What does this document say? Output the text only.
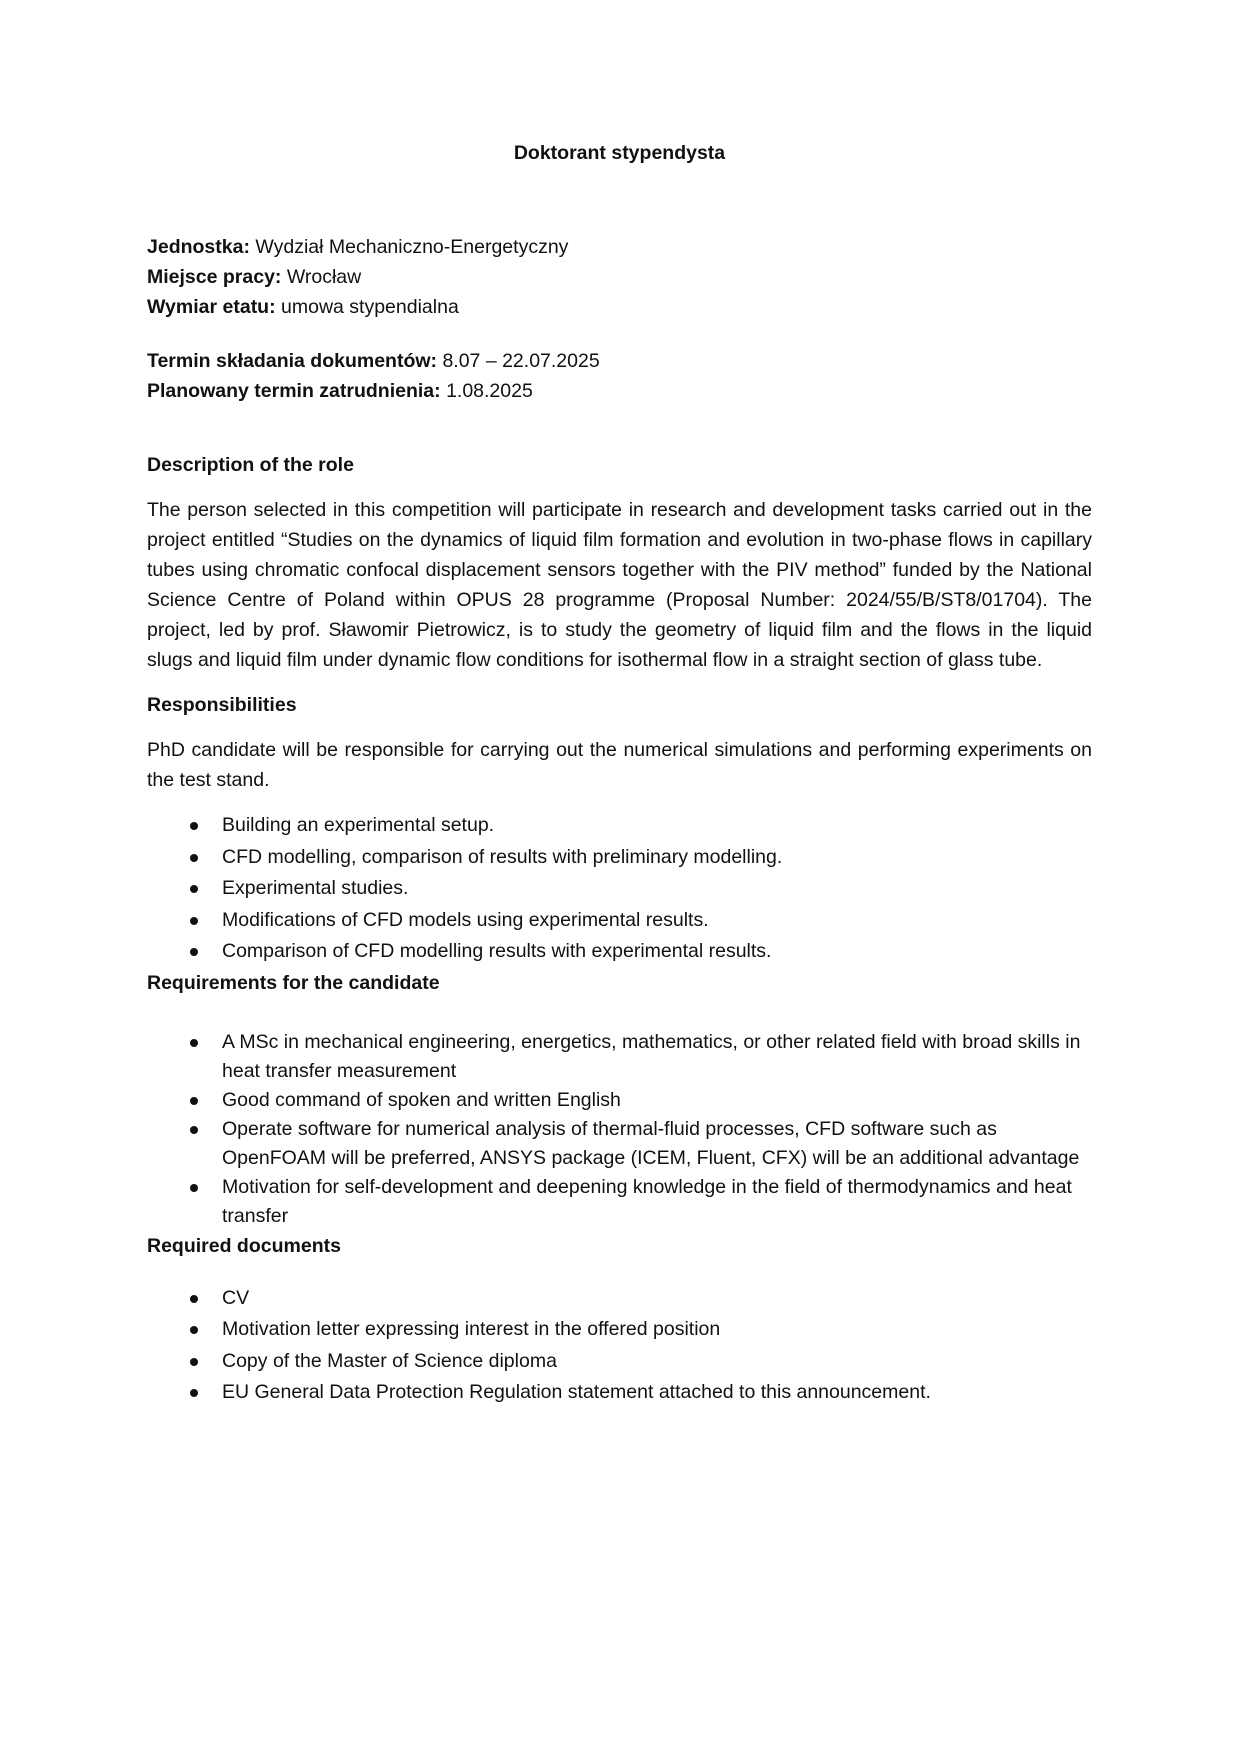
Doktorant stypendysta

Jednostka: Wydział Mechaniczno-Energetyczny

Miejsce pracy: Wrocław

Wymiar etatu: umowa stypendialna

Termin składania dokumentów: 8.07 – 22.07.2025

Planowany termin zatrudnienia: 1.08.2025

Description of the role

The person selected in this competition will participate in research and development tasks carried out in the project entitled “Studies on the dynamics of liquid film formation and evolution in two-phase flows in capillary tubes using chromatic confocal displacement sensors together with the PIV method” funded by the National Science Centre of Poland within OPUS 28 programme (Proposal Number: 2024/55/B/ST8/01704). The project, led by prof. Sławomir Pietrowicz, is to study the geometry of liquid film and the flows in the liquid slugs and liquid film under dynamic flow conditions for isothermal flow in a straight section of glass tube.

Responsibilities

PhD candidate will be responsible for carrying out the numerical simulations and performing experiments on the test stand.

Building an experimental setup.
CFD modelling, comparison of results with preliminary modelling.
Experimental studies.
Modifications of CFD models using experimental results.
Comparison of CFD modelling results with experimental results.

Requirements for the candidate

A MSc in mechanical engineering, energetics, mathematics, or other related field with broad skills in heat transfer measurement
Good command of spoken and written English
Operate software for numerical analysis of thermal-fluid processes, CFD software such as OpenFOAM will be preferred, ANSYS package (ICEM, Fluent, CFX) will be an additional advantage
Motivation for self-development and deepening knowledge in the field of thermodynamics and heat transfer

Required documents

CV
Motivation letter expressing interest in the offered position
Copy of the Master of Science diploma
EU General Data Protection Regulation statement attached to this announcement.
